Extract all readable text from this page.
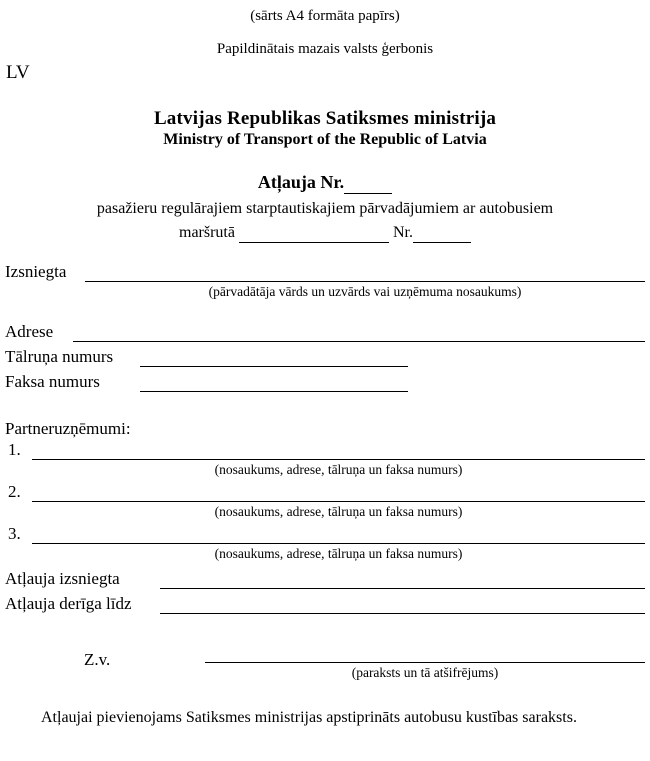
(sārts A4 formāta papīrs)
Papildinātais mazais valsts ģerbonis
LV
Latvijas Republikas Satiksmes ministrija
Ministry of Transport of the Republic of Latvia
Atļauja Nr.
pasažieru regulārajiem starptautiskajiem pārvadājumiem ar autobusiem
maršrutā	Nr.
Izsniegta
(pārvadātāja vārds un uzvārds vai uzņēmuma nosaukums)
Adrese
Tālruņa numurs
Faksa numurs
Partneruzņēmumi:
1.
(nosaukums, adrese, tālruņa un faksa numurs)
2.
(nosaukums, adrese, tālruņa un faksa numurs)
3.
(nosaukums, adrese, tālruņa un faksa numurs)
Atļauja izsniegta
Atļauja derīga līdz
Z.v.
(paraksts un tā atšifrējums)
Atļaujai pievienojams Satiksmes ministrijas apstiprināts autobusu kustības saraksts.
